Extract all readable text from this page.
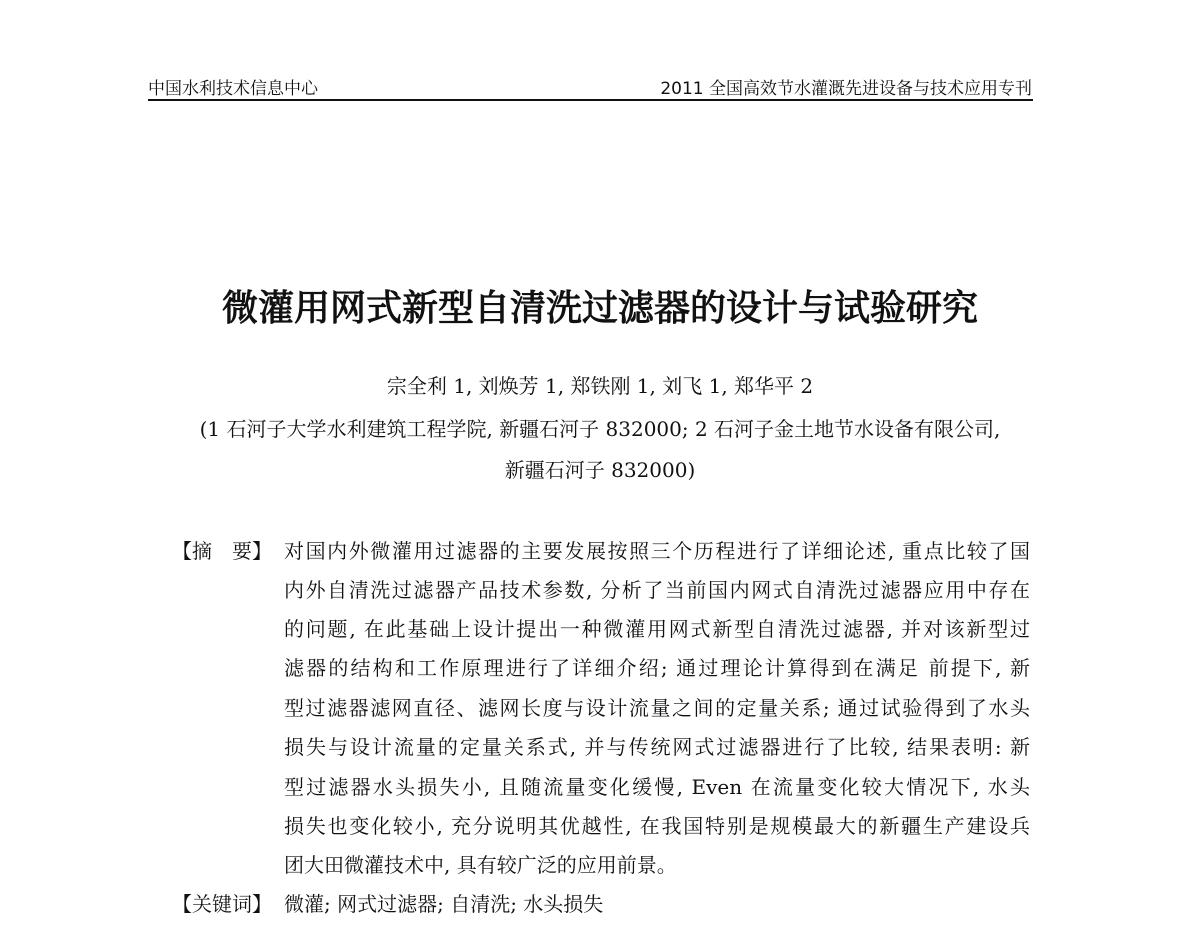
中国水利技术信息中心	2011 全国高效节水灌溉先进设备与技术应用专刊
微灌用网式新型自清洗过滤器的设计与试验研究
宗全利 1, 刘焕芳 1, 郑铁刚 1, 刘飞 1, 郑华平 2
(1 石河子大学水利建筑工程学院, 新疆石河子 832000; 2 石河子金土地节水设备有限公司,
新疆石河子 832000)
【摘　要】 对国内外微灌用过滤器的主要发展按照三个历程进行了详细论述, 重点比较了国
内外自清洗过滤器产品技术参数, 分析了当前国内网式自清洗过滤器应用中存在
的问题, 在此基础上设计提出一种微灌用网式新型自清洗过滤器, 并对该新型过
滤器的结构和工作原理进行了详细介绍; 通过理论计算得到在满足 前提下, 新
型过滤器滤网直径、滤网长度与设计流量之间的定量关系; 通过试验得到了水头
损失与设计流量的定量关系式, 并与传统网式过滤器进行了比较, 结果表明: 新
型过滤器水头损失小, 且随流量变化缓慢, Even 在流量变化较大情况下, 水头
损失也变化较小, 充分说明其优越性, 在我国特别是规模最大的新疆生产建设兵
团大田微灌技术中, 具有较广泛的应用前景。
【关键词】 微灌; 网式过滤器; 自清洗; 水头损失
